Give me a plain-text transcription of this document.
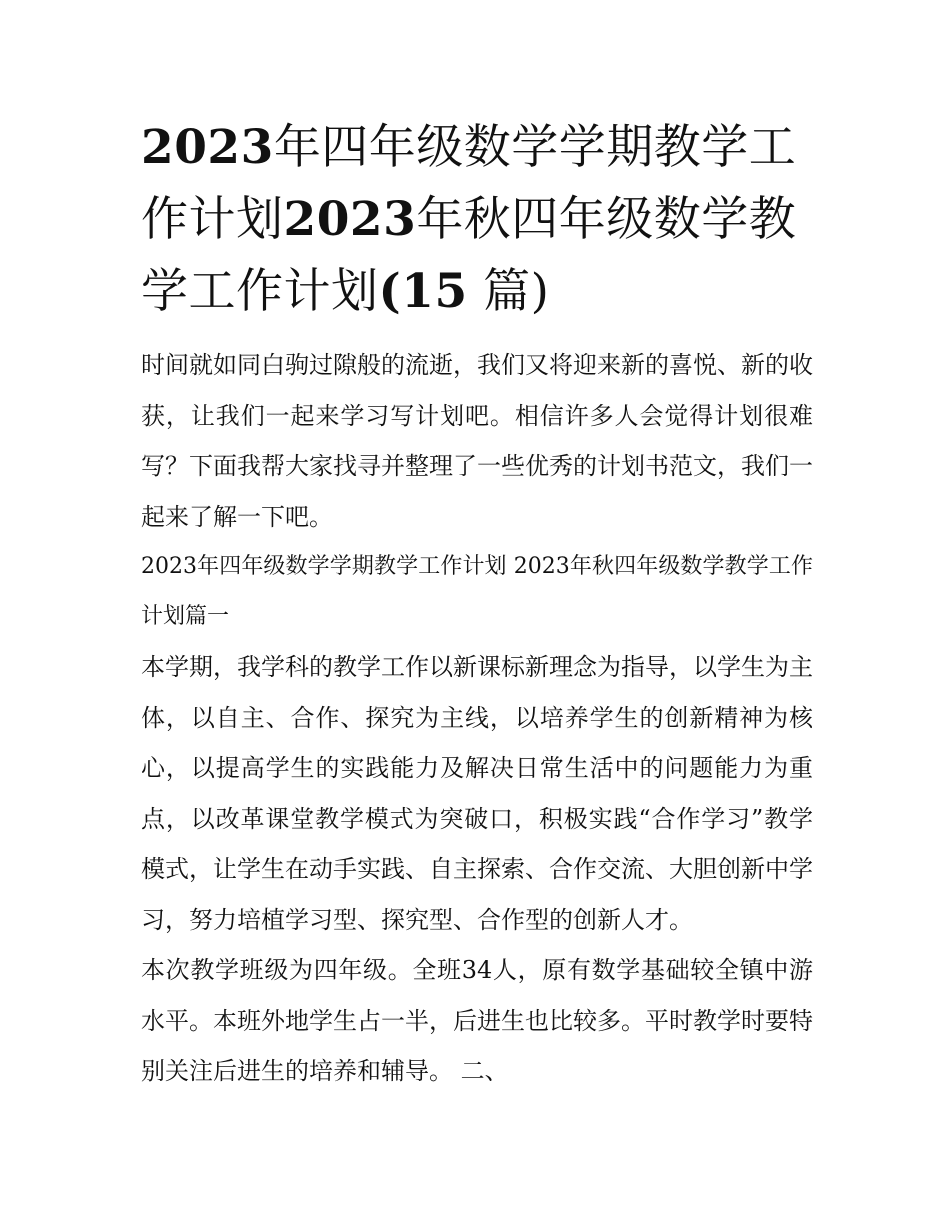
2023年四年级数学学期教学工作计划2023年秋四年级数学教学工作计划(15 篇)

时间就如同白驹过隙般的流逝，我们又将迎来新的喜悦、新的收获，让我们一起来学习写计划吧。相信许多人会觉得计划很难写？下面我帮大家找寻并整理了一些优秀的计划书范文，我们一起来了解一下吧。

2023年四年级数学学期教学工作计划 2023年秋四年级数学教学工作计划篇一

本学期，我学科的教学工作以新课标新理念为指导，以学生为主体，以自主、合作、探究为主线，以培养学生的创新精神为核心，以提高学生的实践能力及解决日常生活中的问题能力为重点，以改革课堂教学模式为突破口，积极实践“合作学习”教学模式，让学生在动手实践、自主探索、合作交流、大胆创新中学习，努力培植学习型、探究型、合作型的创新人才。

本次教学班级为四年级。全班34人，原有数学基础较全镇中游水平。本班外地学生占一半，后进生也比较多。平时教学时要特别关注后进生的培养和辅导。 二、
